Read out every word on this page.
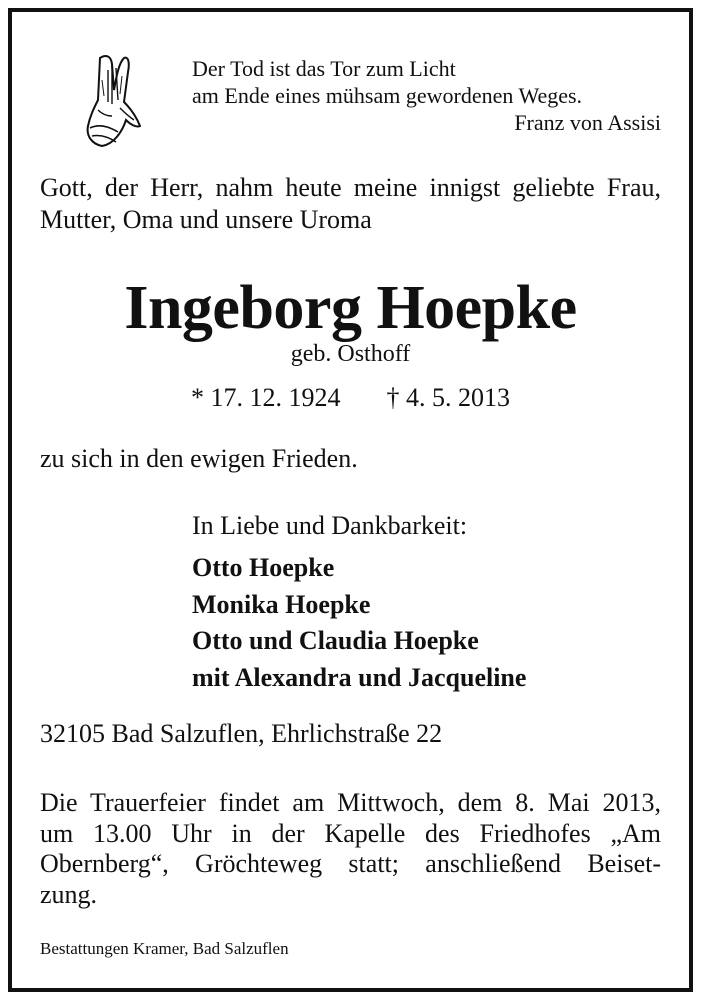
Der Tod ist das Tor zum Licht
am Ende eines mühsam gewordenen Weges.
Franz von Assisi
Gott, der Herr, nahm heute meine innigst geliebte Frau, Mutter, Oma und unsere Uroma
Ingeborg Hoepke
geb. Osthoff
* 17. 12. 1924 † 4. 5. 2013
zu sich in den ewigen Frieden.
In Liebe und Dankbarkeit:
Otto Hoepke
Monika Hoepke
Otto und Claudia Hoepke
mit Alexandra und Jacqueline
32105 Bad Salzuflen, Ehrlichstraße 22
Die Trauerfeier findet am Mittwoch, dem 8. Mai 2013,
um 13.00 Uhr in der Kapelle des Friedhofes „Am
Obernberg“, Gröchteweg statt; anschließend Beiset-
zung.
Bestattungen Kramer, Bad Salzuflen
